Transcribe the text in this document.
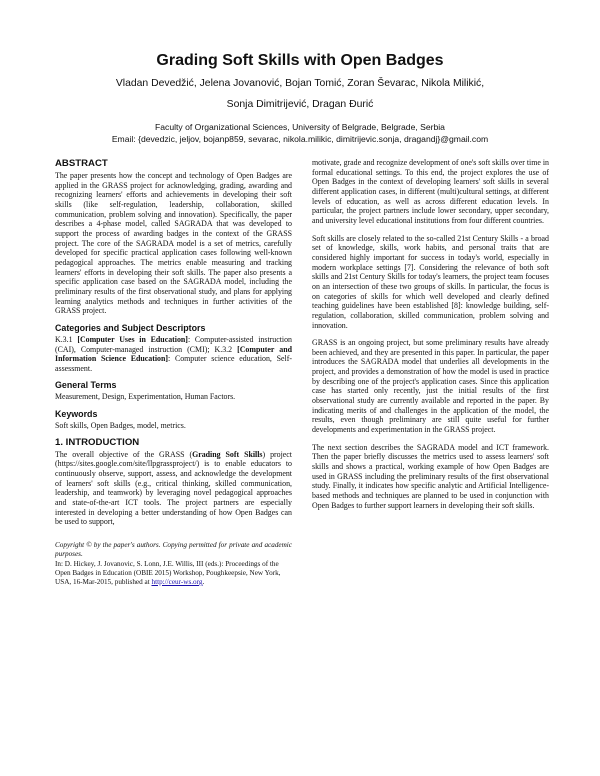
Grading Soft Skills with Open Badges
Vladan Devedžić, Jelena Jovanović, Bojan Tomić, Zoran Ševarac, Nikola Milikić,
Sonja Dimitrijević, Dragan Đurić
Faculty of Organizational Sciences, University of Belgrade, Belgrade, Serbia
Email: {devedzic, jeljov, bojanp859, sevarac, nikola.milikic, dimitrijevic.sonja, dragandj}@gmail.com
ABSTRACT

The paper presents how the concept and technology of Open Badges are applied in the GRASS project for acknowledging, grading, awarding and recognizing learners' efforts and achievements in developing their soft skills (like self-regulation, leadership, collaboration, skilled communication, problem solving and innovation). Specifically, the paper describes a 4-phase model, called SAGRADA that was developed to support the process of awarding badges in the context of the GRASS project. The core of the SAGRADA model is a set of metrics, carefully developed for specific practical application cases following well-known pedagogical approaches. The metrics enable measuring and tracking learners' efforts in developing their soft skills. The paper also presents a specific application case based on the SAGRADA model, including the preliminary results of the first observational study, and plans for applying learning analytics methods and techniques in further activities of the GRASS project.

Categories and Subject Descriptors

K.3.1 [Computer Uses in Education]: Computer-assisted instruction (CAI), Computer-managed instruction (CMI); K.3.2 [Computer and Information Science Education]: Computer science education, Self-assessment.

General Terms

Measurement, Design, Experimentation, Human Factors.

Keywords

Soft skills, Open Badges, model, metrics.

1. INTRODUCTION

The overall objective of the GRASS (Grading Soft Skills) project (https://sites.google.com/site/llpgrassproject/) is to enable educators to continuously observe, support, assess, and acknowledge the development of learners' soft skills (e.g., critical thinking, skilled communication, leadership, and teamwork) by leveraging novel pedagogical approaches and state-of-the-art ICT tools. The project partners are especially interested in developing a better understanding of how Open Badges can be used to support,

Copyright © by the paper's authors. Copying permitted for private and academic purposes.
In: D. Hickey, J. Jovanovic, S. Lonn, J.E. Willis, III (eds.): Proceedings of the Open Badges in Education (OBIE 2015) Workshop, Poughkeepsie, New York, USA, 16-Mar-2015, published at http://ceur-ws.org.

motivate, grade and recognize development of one's soft skills over time in formal educational settings. To this end, the project explores the use of Open Badges in the context of developing learners' soft skills in several different application cases, in different (multi)cultural settings, at different levels of education, as well as across different education levels. In particular, the project partners include lower secondary, upper secondary, and university level educational institutions from four different countries.

Soft skills are closely related to the so-called 21st Century Skills - a broad set of knowledge, skills, work habits, and personal traits that are considered highly important for success in today's world, especially in modern workplace settings [7]. Considering the relevance of both soft skills and 21st Century Skills for today's learners, the project team focuses on an intersection of these two groups of skills. In particular, the focus is on categories of skills for which well developed and clearly defined teaching guidelines have been established [8]: knowledge building, self-regulation, collaboration, skilled communication, problem solving and innovation.

GRASS is an ongoing project, but some preliminary results have already been achieved, and they are presented in this paper. In particular, the paper introduces the SAGRADA model that underlies all developments in the project, and provides a demonstration of how the model is used in practice by describing one of the project's application cases. Since this application case has started only recently, just the initial results of the first observational study are currently available and reported in the paper. By indicating merits of and challenges in the application of the model, the results, even though preliminary are still quite useful for further developments and experimentation in the GRASS project.

The next section describes the SAGRADA model and ICT framework. Then the paper briefly discusses the metrics used to assess learners' soft skills and shows a practical, working example of how Open Badges are used in GRASS including the preliminary results of the first observational study. Finally, it indicates how specific analytic and Artificial Intelligence-based methods and techniques are planned to be used in conjunction with Open Badges to further support learners in developing their soft skills.
